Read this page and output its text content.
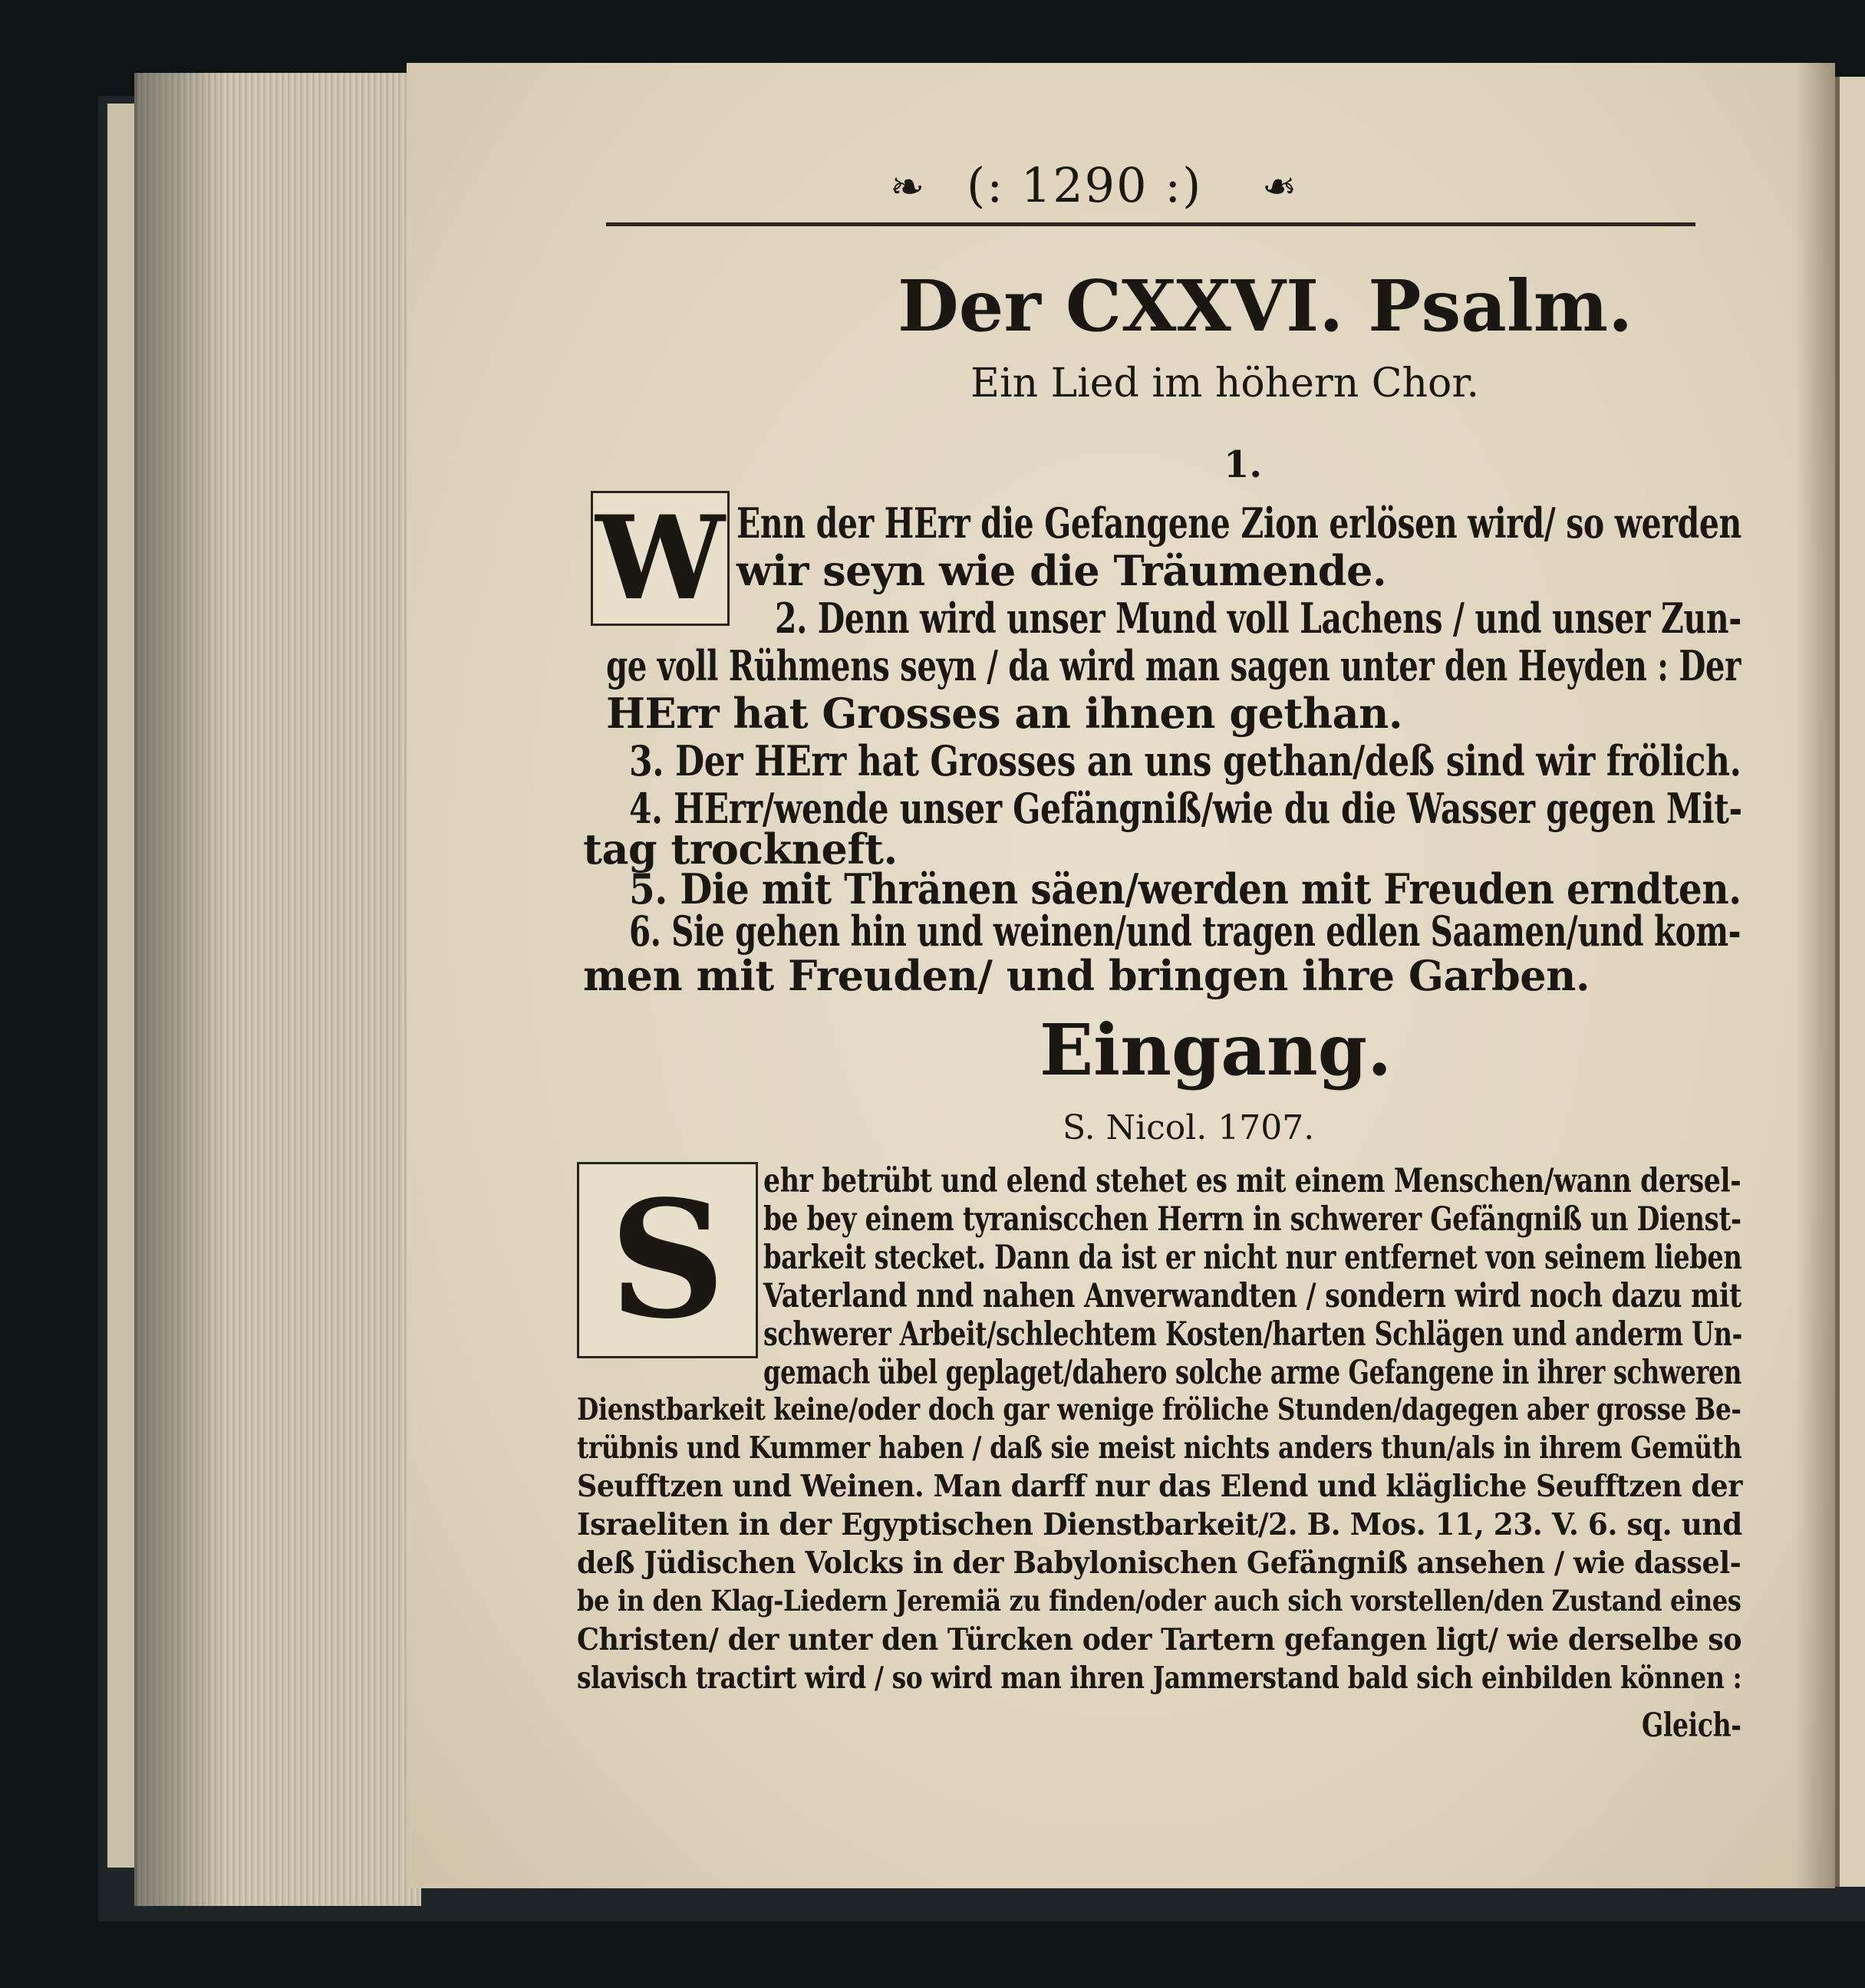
❧ (: 1290 :) ❧
Der CXXVI. Psalm.
Ein Lied im höhern Chor.
1.
W Enn der HErr die Gefangene Zion erlösen wird/ so werden
wir seyn wie die Träumende.
2. Denn wird unser Mund voll Lachens / und unser Zun-
ge voll Rühmens seyn / da wird man sagen unter den Heyden : Der
HErr hat Grosses an ihnen gethan.
3. Der HErr hat Grosses an uns gethan/deß sind wir frölich.
4. HErr/wende unser Gefängniß/wie du die Wasser gegen Mit-
tag trockneft.
5. Die mit Thränen säen/werden mit Freuden erndten.
6. Sie gehen hin und weinen/und tragen edlen Saamen/und kom-
men mit Freuden/ und bringen ihre Garben.
Eingang.
S. Nicol. 1707.
S	ehr betrübt und elend stehet es mit einem Menschen/wann dersel-
be bey einem tyraniscchen Herrn in schwerer Gefängniß un Dienst-
barkeit stecket. Dann da ist er nicht nur entfernet von seinem lieben
Vaterland nnd nahen Anverwandten / sondern wird noch dazu mit
schwerer Arbeit/schlechtem Kosten/harten Schlägen und anderm Un-
gemach übel geplaget/dahero solche arme Gefangene in ihrer schweren
Dienstbarkeit keine/oder doch gar wenige fröliche Stunden/dagegen aber grosse Be-
trübnis und Kummer haben / daß sie meist nichts anders thun/als in ihrem Gemüth
Seufftzen und Weinen. Man darff nur das Elend und klägliche Seufftzen der
Israeliten in der Egyptischen Dienstbarkeit/2. B. Mos. 11, 23. V. 6. sq. und
deß Jüdischen Volcks in der Babylonischen Gefängniß ansehen / wie dassel-
be in den Klag-Liedern Jeremiä zu finden/oder auch sich vorstellen/den Zustand eines
Christen/ der unter den Türcken oder Tartern gefangen ligt/ wie derselbe so
slavisch tractirt wird / so wird man ihren Jammerstand bald sich einbilden können :
Gleich-
